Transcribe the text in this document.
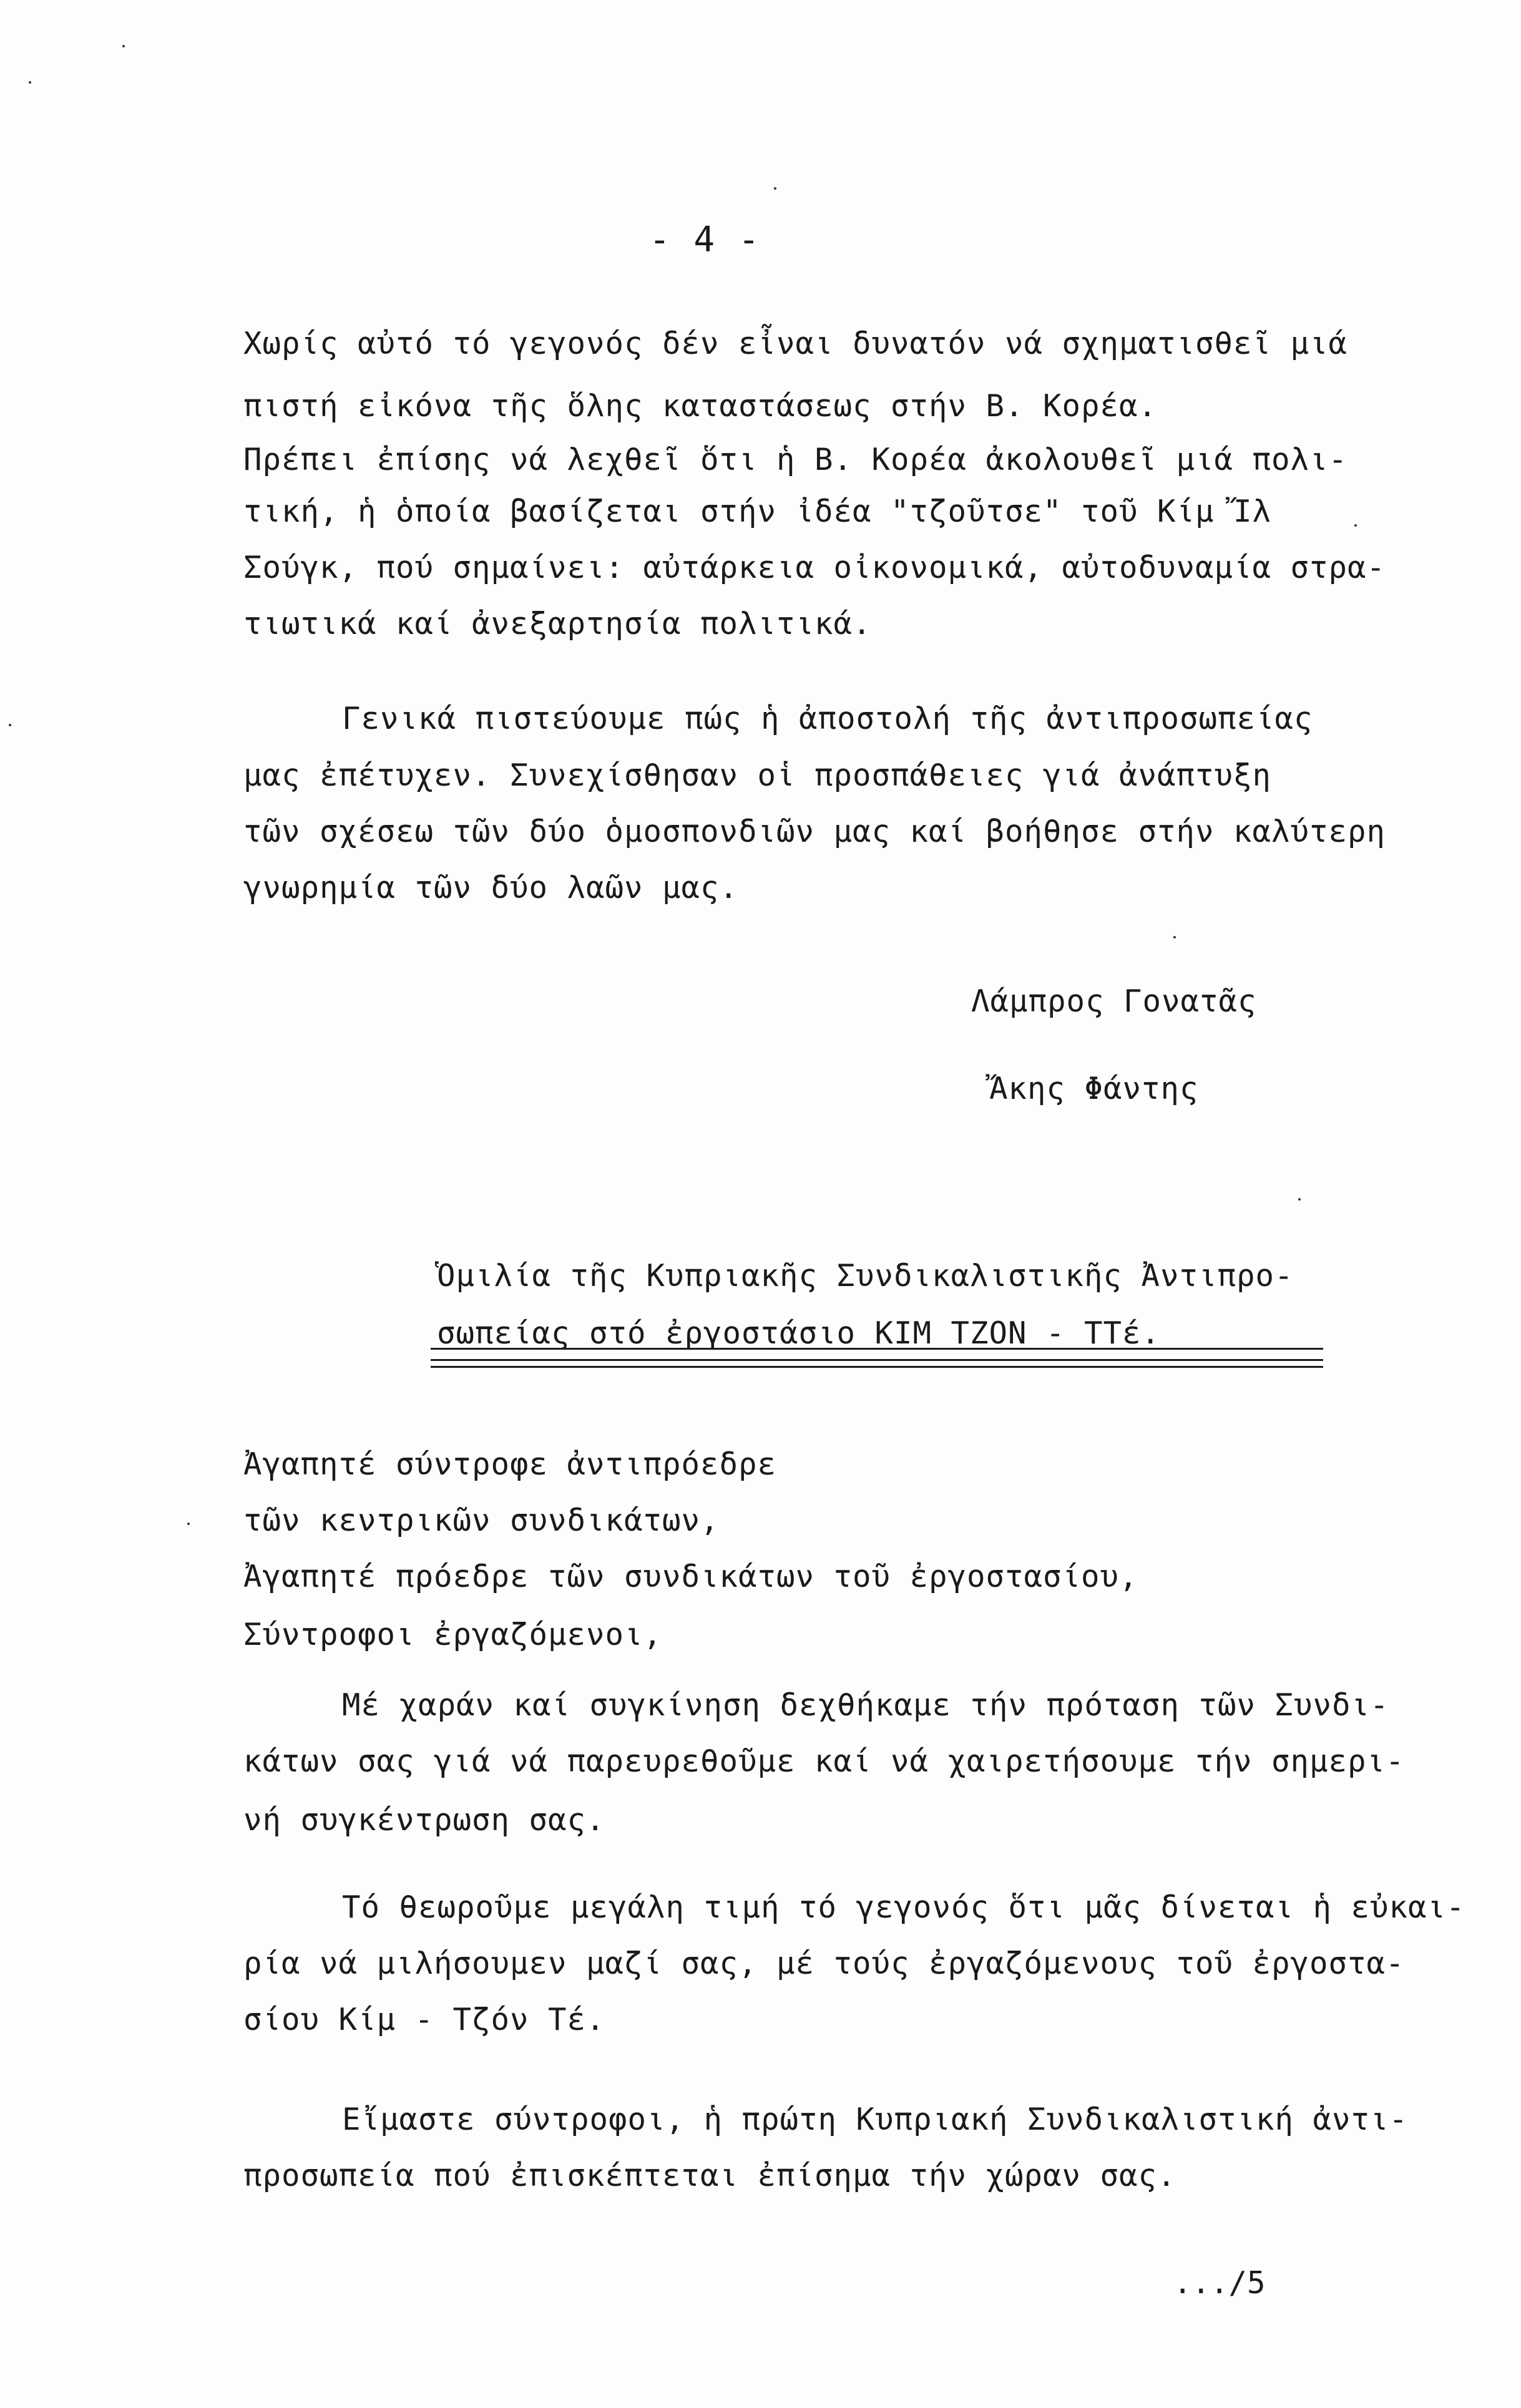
- 4 -
Χωρίς αὐτό τό γεγονός δέν εἶναι δυνατόν νά σχηματισθεῖ μιά
πιστή εἰκόνα τῆς ὅλης καταστάσεως στήν Β. Κορέα.
Πρέπει ἐπίσης νά λεχθεῖ ὅτι ἡ Β. Κορέα ἀκολουθεῖ μιά πολι-
τική, ἡ ὁποία βασίζεται στήν ἰδέα "τζοῦτσε" τοῦ Κίμ Ἴλ
Σούγκ, πού σημαίνει: αὐτάρκεια οἰκονομικά, αὐτοδυναμία στρα-
τιωτικά καί ἀνεξαρτησία πολιτικά.
Γενικά πιστεύουμε πώς ἡ ἀποστολή τῆς ἀντιπροσωπείας
μας ἐπέτυχεν. Συνεχίσθησαν οἱ προσπάθειες γιά ἀνάπτυξη
τῶν σχέσεω τῶν δύο ὁμοσπονδιῶν μας καί βοήθησε στήν καλύτερη
γνωρημία τῶν δύο λαῶν μας.
Λάμπρος Γονατᾶς
Ἄκης Φάντης
Ὁμιλία τῆς Κυπριακῆς Συνδικαλιστικῆς Ἀντιπρο-
σωπείας στό ἐργοστάσιο ΚΙΜ ΤΖΟΝ - ΤΤέ.
Ἀγαπητέ σύντροφε ἀντιπρόεδρε
τῶν κεντρικῶν συνδικάτων,
Ἀγαπητέ πρόεδρε τῶν συνδικάτων τοῦ ἐργοστασίου,
Σύντροφοι ἐργαζόμενοι,
Μέ χαράν καί συγκίνηση δεχθήκαμε τήν πρόταση τῶν Συνδι-
κάτων σας γιά νά παρευρεθοῦμε καί νά χαιρετήσουμε τήν σημερι-
νή συγκέντρωση σας.
Τό θεωροῦμε μεγάλη τιμή τό γεγονός ὅτι μᾶς δίνεται ἡ εὐκαι-
ρία νά μιλήσουμεν μαζί σας, μέ τούς ἐργαζόμενους τοῦ ἐργοστα-
σίου Κίμ - Τζόν Τέ.
Εἴμαστε σύντροφοι, ἡ πρώτη Κυπριακή Συνδικαλιστική ἀντι-
προσωπεία πού ἐπισκέπτεται ἐπίσημα τήν χώραν σας.
.../5
